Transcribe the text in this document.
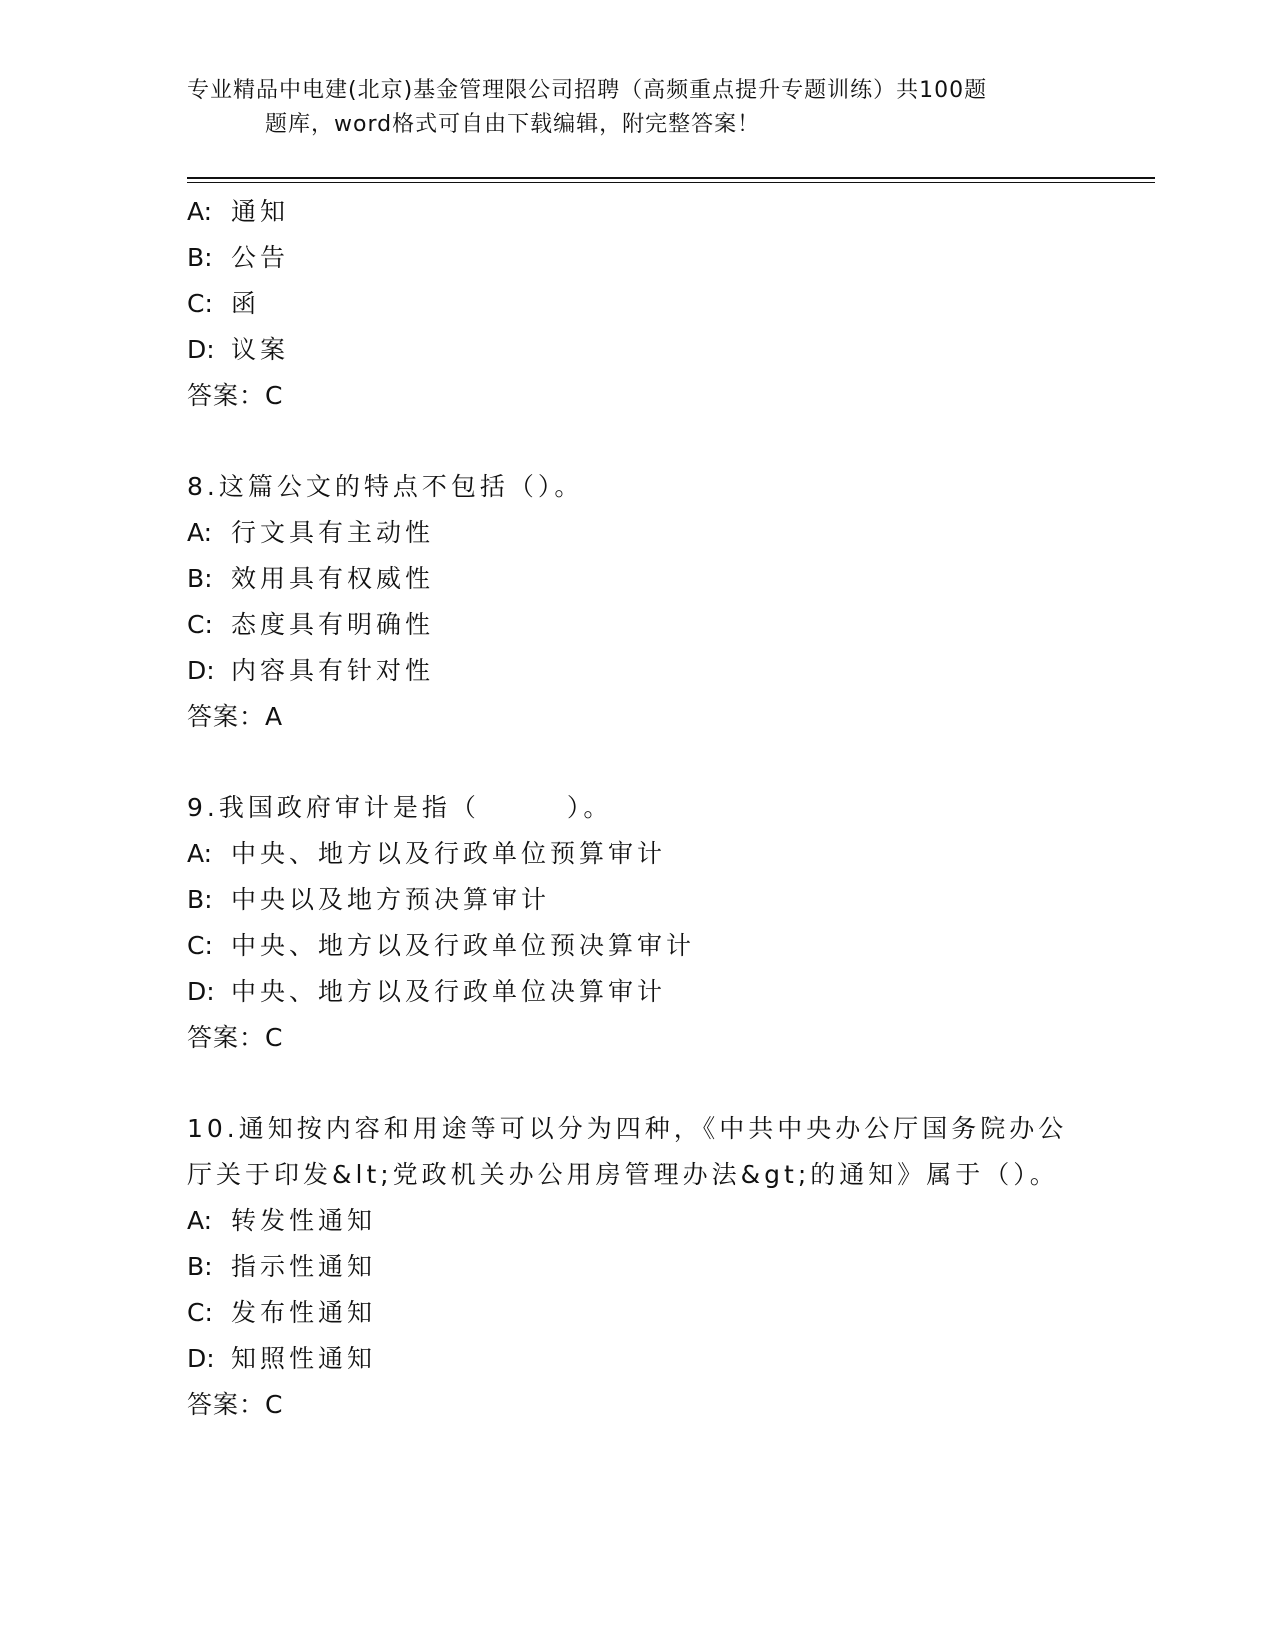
专业精品中电建(北京)基金管理限公司招聘（高频重点提升专题训练）共100题
题库，word格式可自由下载编辑，附完整答案！
A: 通知
B: 公告
C: 函
D: 议案
答案：C
8.这篇公文的特点不包括（）。
A: 行文具有主动性
B: 效用具有权威性
C: 态度具有明确性
D: 内容具有针对性
答案：A
9.我国政府审计是指（　　　）。
A: 中央、地方以及行政单位预算审计
B: 中央以及地方预决算审计
C: 中央、地方以及行政单位预决算审计
D: 中央、地方以及行政单位决算审计
答案：C
10.通知按内容和用途等可以分为四种，《中共中央办公厅国务院办公
厅关于印发&lt;党政机关办公用房管理办法&gt;的通知》属于（）。
A: 转发性通知
B: 指示性通知
C: 发布性通知
D: 知照性通知
答案：C
